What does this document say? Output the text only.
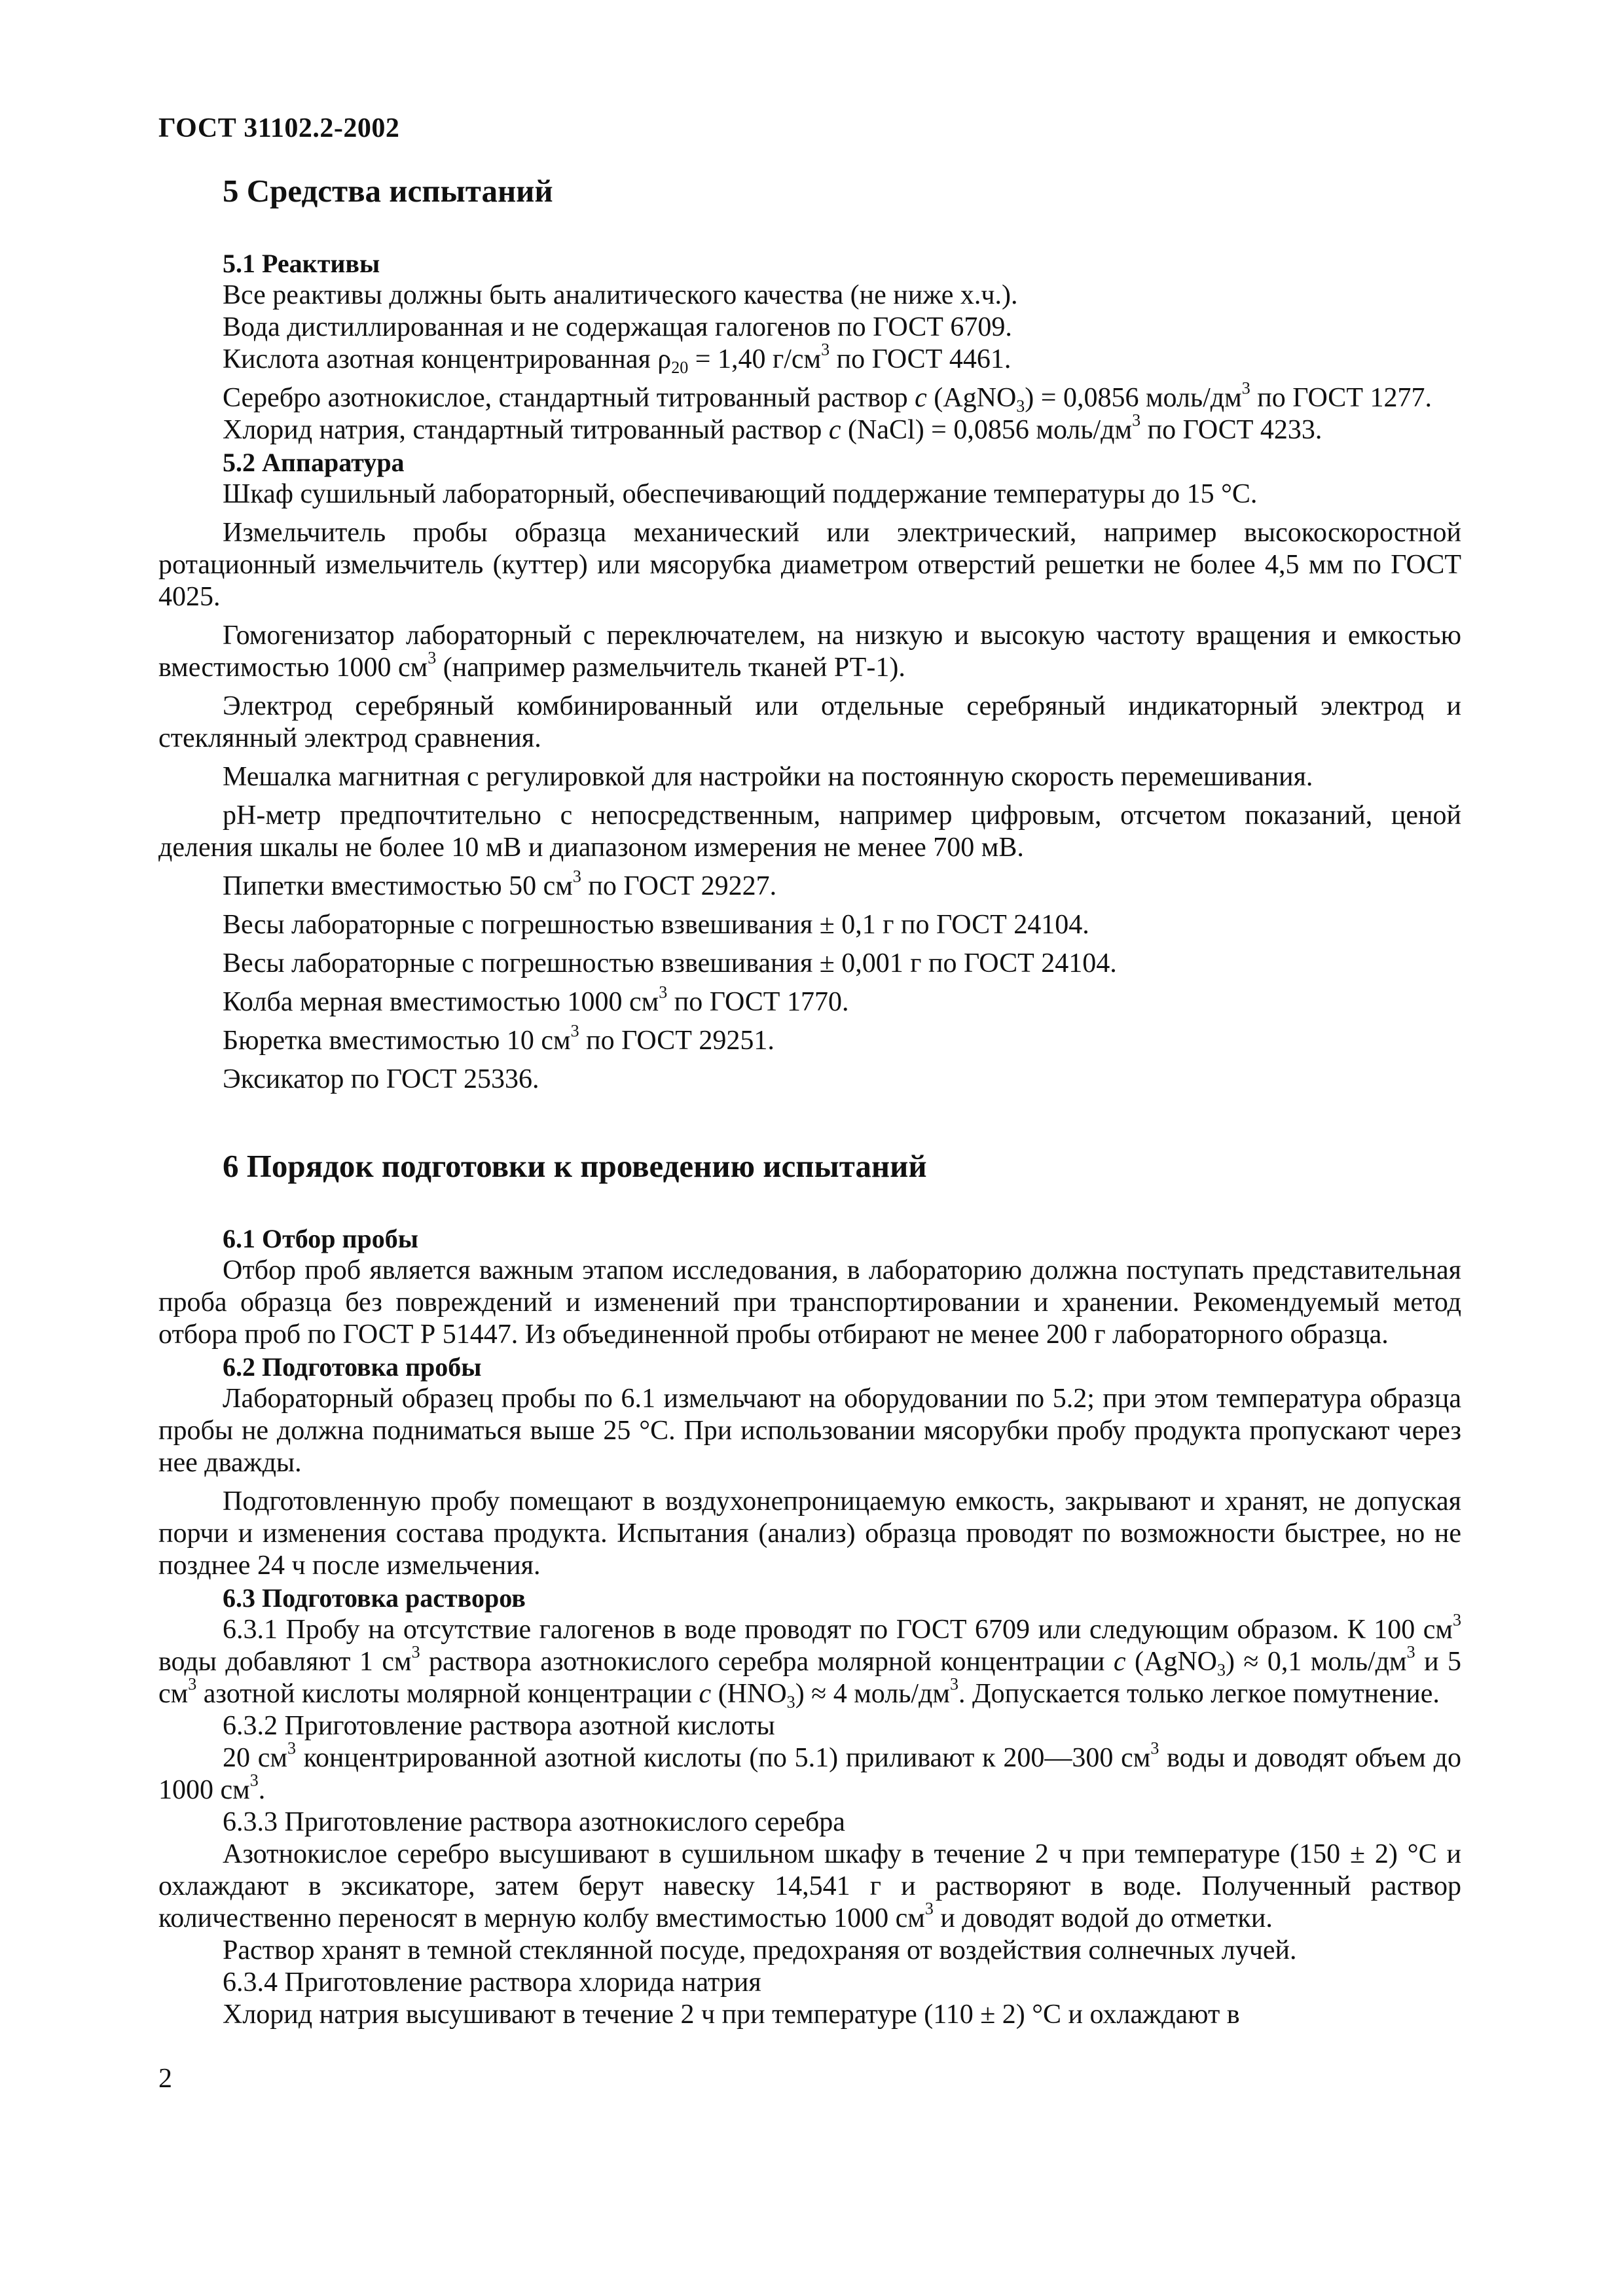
ГОСТ 31102.2-2002
5 Средства испытаний
5.1 Реактивы

Все реактивы должны быть аналитического качества (не ниже х.ч.).

Вода дистиллированная и не содержащая галогенов по ГОСТ 6709.

Кислота азотная концентрированная $\rho_{20} = 1,40$ $г/см^3$ по ГОСТ 4461.

Серебро азотнокислое, стандартный титрованный раствор c (AgNO$_3$) = 0,0856 моль/$дм^3$ по ГОСТ 1277.

Хлорид натрия, стандартный титрованный раствор c (NaCl) = 0,0856 моль/$дм^3$ по ГОСТ 4233.

5.2 Аппаратура

Шкаф сушильный лабораторный, обеспечивающий поддержание температуры до 15 °С.

Измельчитель пробы образца механический или электрический, например высокоскоростной ротационный измельчитель (куттер) или мясорубка диаметром отверстий решетки не более 4,5 мм по ГОСТ 4025.

Гомогенизатор лабораторный с переключателем, на низкую и высокую частоту вращения и емкостью вместимостью 1000 $см^3$ (например размельчитель тканей РТ-1).

Электрод серебряный комбинированный или отдельные серебряный индикаторный электрод и стеклянный электрод сравнения.

Мешалка магнитная с регулировкой для настройки на постоянную скорость перемешивания.

рН-метр предпочтительно с непосредственным, например цифровым, отсчетом показаний, ценой деления шкалы не более 10 мВ и диапазоном измерения не менее 700 мВ.

Пипетки вместимостью 50 $см^3$ по ГОСТ 29227.

Весы лабораторные с погрешностью взвешивания ± 0,1 г по ГОСТ 24104.

Весы лабораторные с погрешностью взвешивания ± 0,001 г по ГОСТ 24104.

Колба мерная вместимостью 1000 $см^3$ по ГОСТ 1770.

Бюретка вместимостью 10 $см^3$ по ГОСТ 29251.

Эксикатор по ГОСТ 25336.

6 Порядок подготовки к проведению испытаний
6.1 Отбор пробы

Отбор проб является важным этапом исследования, в лабораторию должна поступать представительная проба образца без повреждений и изменений при транспортировании и хранении. Рекомендуемый метод отбора проб по ГОСТ Р 51447. Из объединенной пробы отбирают не менее 200 г лабораторного образца.

6.2 Подготовка пробы

Лабораторный образец пробы по 6.1 измельчают на оборудовании по 5.2; при этом температура образца пробы не должна подниматься выше 25 °С. При использовании мясорубки пробу продукта пропускают через нее дважды.

Подготовленную пробу помещают в воздухонепроницаемую емкость, закрывают и хранят, не допуская порчи и изменения состава продукта. Испытания (анализ) образца проводят по возможности быстрее, но не позднее 24 ч после измельчения.

6.3 Подготовка растворов

6.3.1 Пробу на отсутствие галогенов в воде проводят по ГОСТ 6709 или следующим образом. К 100 $см^3$ воды добавляют 1 $см^3$ раствора азотнокислого серебра молярной концентрации c (AgNO$_3$) ≈ 0,1 моль/$дм^3$ и 5 $см^3$ азотной кислоты молярной концентрации c $(HNO_3) \approx 4$ моль/$дм^3$. Допускается только легкое помутнение.

6.3.2 Приготовление раствора азотной кислоты

20 $см^3$ концентрированной азотной кислоты (по 5.1) приливают к 200—300 $см^3$ воды и доводят объем до 1000 $см^3$.

6.3.3 Приготовление раствора азотнокислого серебра

Азотнокислое серебро высушивают в сушильном шкафу в течение 2 ч при температуре (150 ± 2) °С и охлаждают в эксикаторе, затем берут навеску 14,541 г и растворяют в воде. Полученный раствор количественно переносят в мерную колбу вместимостью 1000 $см^3$ и доводят водой до отметки.

Раствор хранят в темной стеклянной посуде, предохраняя от воздействия солнечных лучей.

6.3.4 Приготовление раствора хлорида натрия

Хлорид натрия высушивают в течение 2 ч при температуре (110 ± 2) °С и охлаждают в

2
